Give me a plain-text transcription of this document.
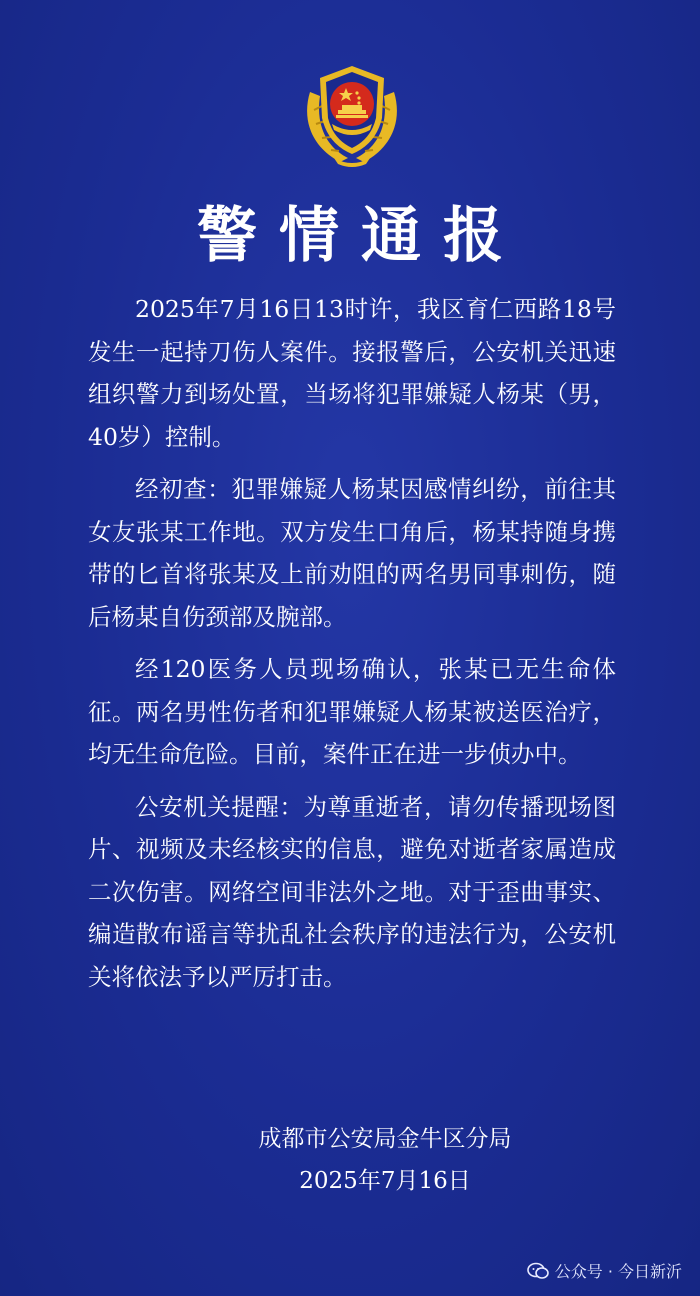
警情通报

2025年7月16日13时许，我区育仁西路18号发生一起持刀伤人案件。接报警后，公安机关迅速组织警力到场处置，当场将犯罪嫌疑人杨某（男，40岁）控制。

经初查：犯罪嫌疑人杨某因感情纠纷，前往其女友张某工作地。双方发生口角后，杨某持随身携带的匕首将张某及上前劝阻的两名男同事刺伤，随后杨某自伤颈部及腕部。

经120医务人员现场确认，张某已无生命体征。两名男性伤者和犯罪嫌疑人杨某被送医治疗，均无生命危险。目前，案件正在进一步侦办中。

公安机关提醒：为尊重逝者，请勿传播现场图片、视频及未经核实的信息，避免对逝者家属造成二次伤害。网络空间非法外之地。对于歪曲事实、编造散布谣言等扰乱社会秩序的违法行为，公安机关将依法予以严厉打击。

成都市公安局金牛区分局
2025年7月16日
公众号 · 今日新沂
